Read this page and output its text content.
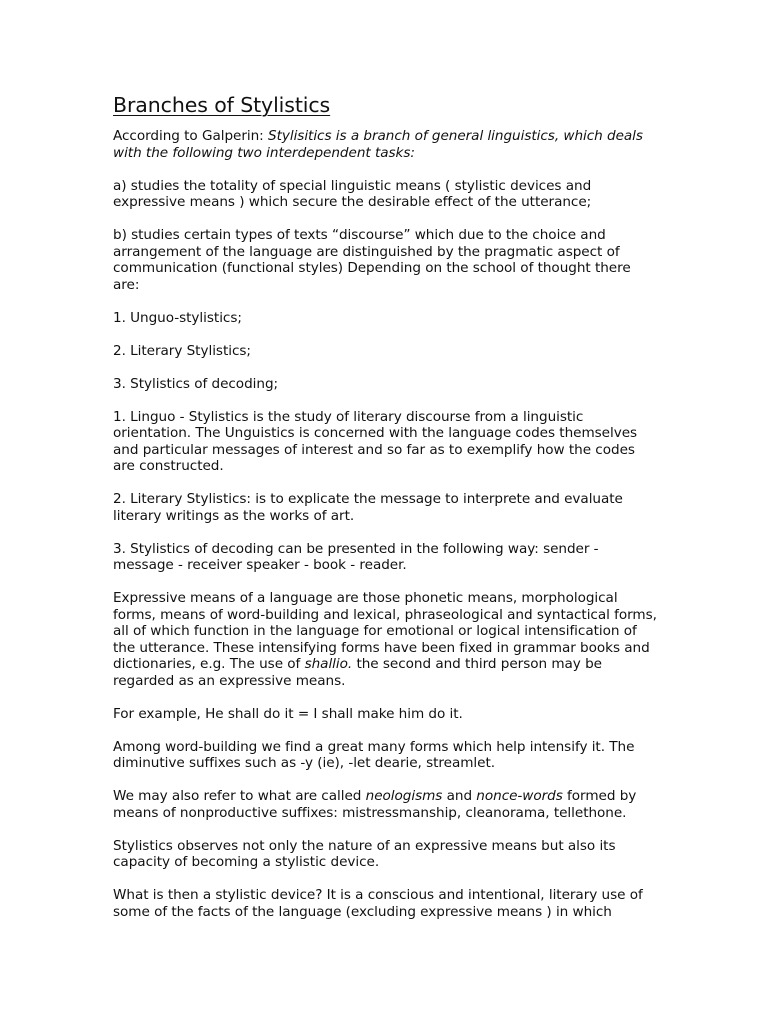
Branches of Stylistics

According to Galperin: Stylisitics is a branch of general linguistics, which deals with the following two interdependent tasks:

a) studies the totality of special linguistic means ( stylistic devices and expressive means ) which secure the desirable effect of the utterance;

b) studies certain types of texts “discourse” which due to the choice and arrangement of the language are distinguished by the pragmatic aspect of communication (functional styles) Depending on the school of thought there are:

1. Unguo-stylistics;

2. Literary Stylistics;

3. Stylistics of decoding;

1. Linguo - Stylistics is the study of literary discourse from a linguistic orientation. The Unguistics is concerned with the language codes themselves and particular messages of interest and so far as to exemplify how the codes are constructed.

2. Literary Stylistics: is to explicate the message to interprete and evaluate literary writings as the works of art.

3. Stylistics of decoding can be presented in the following way: sender - message - receiver speaker - book - reader.

Expressive means of a language are those phonetic means, morphological forms, means of word-building and lexical, phraseological and syntactical forms, all of which function in the language for emotional or logical intensification of the utterance. These intensifying forms have been fixed in grammar books and dictionaries, e.g. The use of shallio. the second and third person may be regarded as an expressive means.

For example, He shall do it = I shall make him do it.

Among word-building we find a great many forms which help intensify it. The diminutive suffixes such as -y (ie), -let dearie, streamlet.

We may also refer to what are called neologisms and nonce-words formed by means of nonproductive suffixes: mistressmanship, cleanorama, tellethone.

Stylistics observes not only the nature of an expressive means but also its capacity of becoming a stylistic device.

What is then a stylistic device? It is a conscious and intentional, literary use of some of the facts of the language (excluding expressive means ) in which
